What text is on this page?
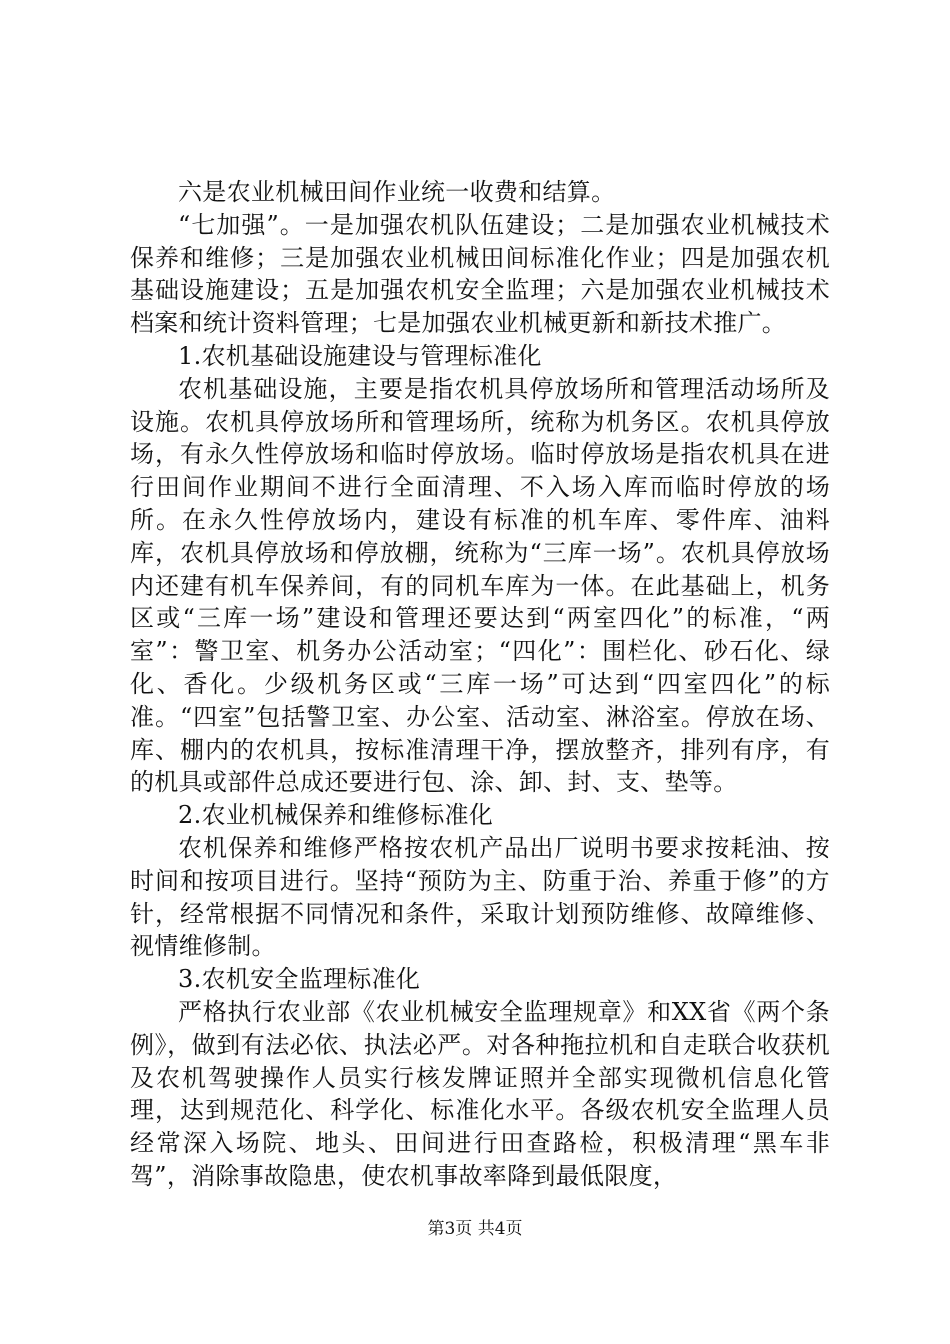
六是农业机械田间作业统一收费和结算。

“七加强”。一是加强农机队伍建设；二是加强农业机械技术保养和维修；三是加强农业机械田间标准化作业；四是加强农机基础设施建设；五是加强农机安全监理；六是加强农业机械技术档案和统计资料管理；七是加强农业机械更新和新技术推广。

1.农机基础设施建设与管理标准化

农机基础设施，主要是指农机具停放场所和管理活动场所及设施。农机具停放场所和管理场所，统称为机务区。农机具停放场，有永久性停放场和临时停放场。临时停放场是指农机具在进行田间作业期间不进行全面清理、不入场入库而临时停放的场所。在永久性停放场内，建设有标准的机车库、零件库、油料库，农机具停放场和停放棚，统称为“三库一场”。农机具停放场内还建有机车保养间，有的同机车库为一体。在此基础上，机务区或“三库一场”建设和管理还要达到“两室四化”的标准，“两室”：警卫室、机务办公活动室；“四化”：围栏化、砂石化、绿化、香化。少级机务区或“三库一场”可达到“四室四化”的标准。“四室”包括警卫室、办公室、活动室、淋浴室。停放在场、库、棚内的农机具，按标准清理干净，摆放整齐，排列有序，有的机具或部件总成还要进行包、涂、卸、封、支、垫等。

2.农业机械保养和维修标准化

农机保养和维修严格按农机产品出厂说明书要求按耗油、按时间和按项目进行。坚持“预防为主、防重于治、养重于修”的方针，经常根据不同情况和条件，采取计划预防维修、故障维修、视情维修制。

3.农机安全监理标准化

严格执行农业部《农业机械安全监理规章》和XX省《两个条例》，做到有法必依、执法必严。对各种拖拉机和自走联合收获机及农机驾驶操作人员实行核发牌证照并全部实现微机信息化管理，达到规范化、科学化、标准化水平。各级农机安全监理人员经常深入场院、地头、田间进行田查路检，积极清理“黑车非驾”，消除事故隐患，使农机事故率降到最低限度，

第3页 共4页
